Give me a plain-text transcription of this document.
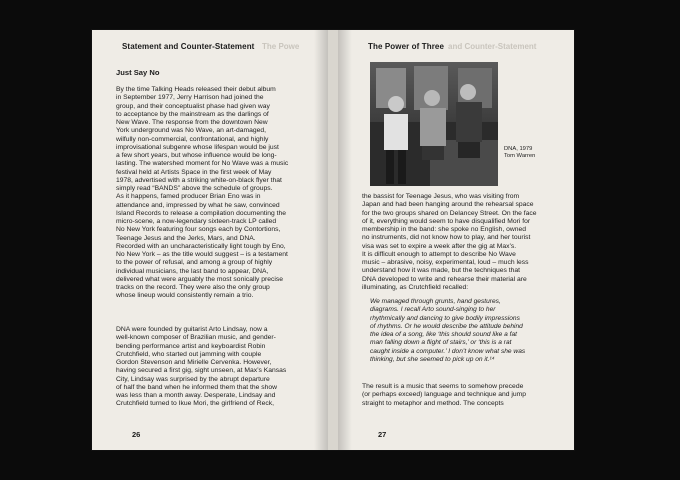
The Powe
Statement and Counter-Statement
Just Say No
By the time Talking Heads released their debut album
in September 1977, Jerry Harrison had joined the
group, and their conceptualist phase had given way
to acceptance by the mainstream as the darlings of
New Wave. The response from the downtown New
York underground was No Wave, an art-damaged,
wilfully non-commercial, confrontational, and highly
improvisational subgenre whose lifespan would be just
a few short years, but whose influence would be long-
lasting. The watershed moment for No Wave was a music
festival held at Artists Space in the first week of May
1978, advertised with a striking white-on-black flyer that
simply read “BANDS” above the schedule of groups.
As it happens, famed producer Brian Eno was in
attendance and, impressed by what he saw, convinced
Island Records to release a compilation documenting the
micro-scene, a now-legendary sixteen-track LP called
No New York featuring four songs each by Contortions,
Teenage Jesus and the Jerks, Mars, and DNA.
Recorded with an uncharacteristically light tough by Eno,
No New York – as the title would suggest – is a testament
to the power of refusal, and among a group of highly
individual musicians, the last band to appear, DNA,
delivered what were arguably the most sonically precise
tracks on the record. They were also the only group
whose lineup would consistently remain a trio.
DNA were founded by guitarist Arto Lindsay, now a
well-known composer of Brazilian music, and gender-
bending performance artist and keyboardist Robin
Crutchfield, who started out jamming with couple
Gordon Stevenson and Mirielle Cervenka. However,
having secured a first gig, sight unseen, at Max’s Kansas
City, Lindsay was surprised by the abrupt departure
of half the band when he informed them that the show
was less than a month away. Desperate, Lindsay and
Crutchfield turned to Ikue Mori, the girlfriend of Reck,
26
and Counter-Statement
The Power of Three
DNA, 1979
Tom Warren
the bassist for Teenage Jesus, who was visiting from
Japan and had been hanging around the rehearsal space
for the two groups shared on Delancey Street. On the face
of it, everything would seem to have disqualified Mori for
membership in the band: she spoke no English, owned
no instruments, did not know how to play, and her tourist
visa was set to expire a week after the gig at Max’s.
It is difficult enough to attempt to describe No Wave
music – abrasive, noisy, experimental, loud – much less
understand how it was made, but the techniques that
DNA developed to write and rehearse their material are
illuminating, as Crutchfield recalled:
We managed through grunts, hand gestures,
diagrams. I recall Arto sound-singing to her
rhythmically and dancing to give bodily impressions
of rhythms. Or he would describe the attitude behind
the idea of a song, like ‘this should sound like a fat
man falling down a flight of stairs,’ or ‘this is a rat
caught inside a computer.’ I don’t know what she was
thinking, but she seemed to pick up on it.¹⁴
The result is a music that seems to somehow precede
(or perhaps exceed) language and technique and jump
straight to metaphor and method. The concepts
27
